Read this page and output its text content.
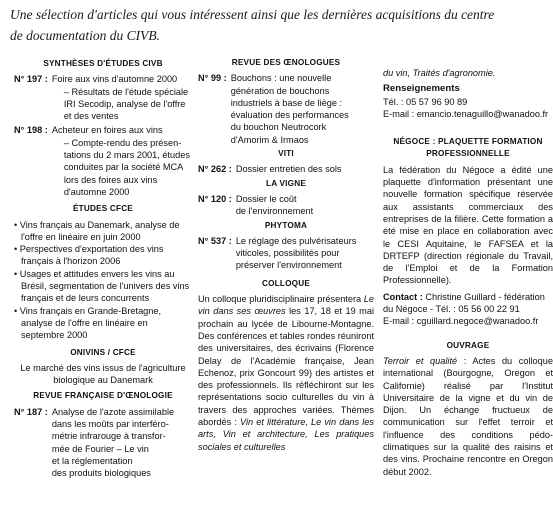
Une sélection d'articles qui vous intéressent ainsi que les dernières acquisitions du centre
de documentation du CIVB.
SYNTHÈSES D'ÉTUDES CIVB
N° 197 : Foire aux vins d'automne 2000
– Résultats de l'étude spéciale
IRI Secodip, analyse de l'offre
et des ventes
N° 198 : Acheteur en foires aux vins
– Compte-rendu des présen-
tations du 2 mars 2001, études
conduites par la société MCA
lors des foires aux vins
d'automne 2000
ÉTUDES CFCE
• Vins français au Danemark, analyse de l'offre en linéaire en juin 2000
• Perspectives d'exportation des vins français à l'horizon 2006
• Usages et attitudes envers les vins au Brésil, segmentation de l'univers des vins français et de leurs concurrents
• Vins français en Grande-Bretagne, analyse de l'offre en linéaire en septembre 2000
ONIVINS / CFCE
Le marché des vins issus de l'agriculture biologique au Danemark
REVUE FRANÇAISE D'ŒNOLOGIE
N° 187 : Analyse de l'azote assimilable
dans les moûts par interféro-
métrie infrarouge à transfor-
mée de Fourier – Le vin
et la réglementation
des produits biologiques
REVUE DES ŒNOLOGUES
N° 99 : Bouchons : une nouvelle
génération de bouchons
industriels à base de liège :
évaluation des performances
du bouchon Neutrocork
d'Amorim & Irmaos
VITI
N° 262 : Dossier entretien des sols
LA VIGNE
N° 120 : Dossier le coût
de l'environnement
PHYTOMA
N° 537 : Le réglage des pulvérisateurs
viticoles, possibilités pour
préserver l'environnement
COLLOQUE
Un colloque pluridisciplinaire présentera Le vin dans ses œuvres les 17, 18 et 19 mai prochain au lycée de Libourne-Montagne. Des conférences et tables rondes réuniront des universitaires, des écrivains (Florence Delay de l'Académie française, Jean Echenoz, prix Goncourt 99) des artistes et des professionnels. Ils réfléchiront sur les représentations socio culturelles du vin à travers des approches variées. Thèmes abordés : Vin et littérature, Le vin dans les arts, Vin et architecture, Les pratiques sociales et culturelles
du vin, Traités d'agronomie.
Renseignements
Tél. : 05 57 96 90 89
E-mail : emancio.tenaguillo@wanadoo.fr
NÉGOCE : PLAQUETTE FORMATION PROFESSIONNELLE
La fédération du Négoce a édité une plaquette d'information présentant une nouvelle formation spécifique réservée aux assistants commerciaux des entreprises de la filière. Cette formation a été mise en place en collaboration avec le CESI Aquitaine, le FAFSEA et la DRTEFP (direction régionale du Travail, de l'Emploi et de la Formation Professionnelle).
Contact : Christine Guillard - fédération du Négoce - Tél. : 05 56 00 22 91
E-mail : cguillard.negoce@wanadoo.fr
OUVRAGE
Terroir et qualité : Actes du colloque international (Bourgogne, Oregon et Californie) réalisé par l'Institut Universitaire de la vigne et du vin de Dijon. Un échange fructueux de communication sur l'effet terroir et l'influence des conditions pédo-climatiques sur la qualité des raisins et des vins. Prochaine rencontre en Oregon début 2002.
